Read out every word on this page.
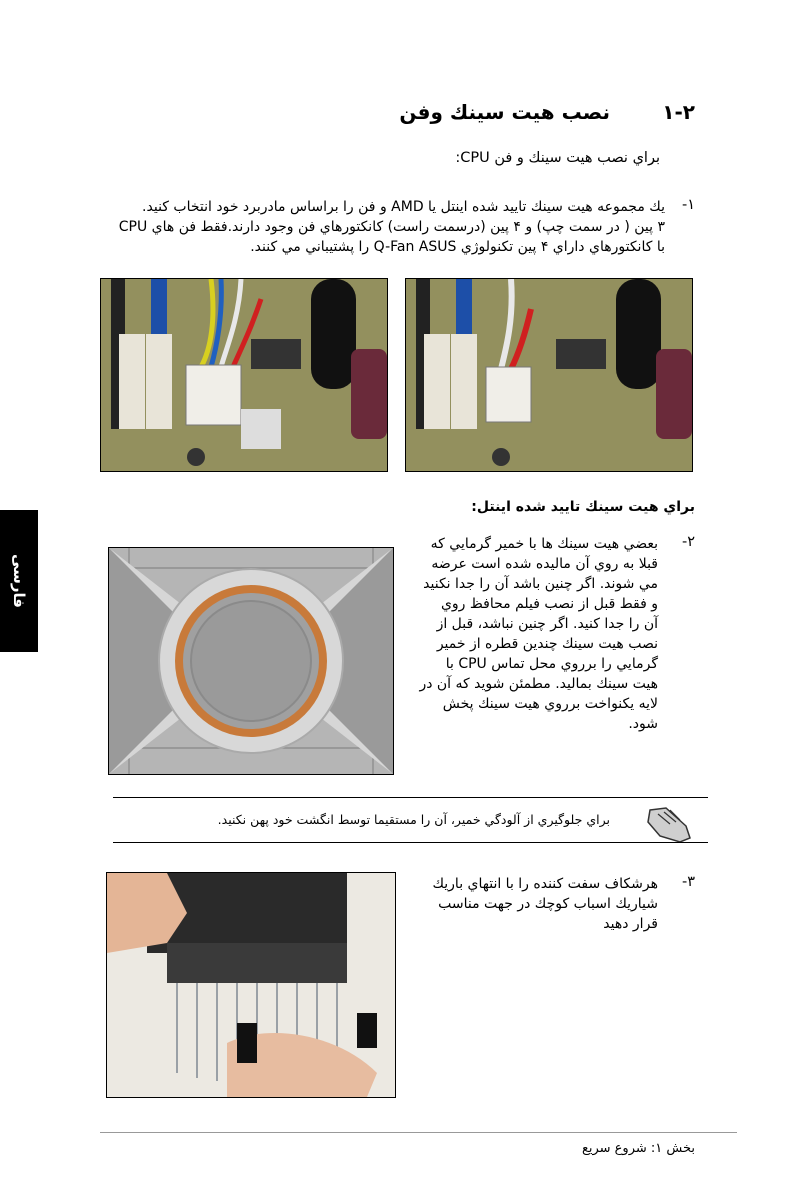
٢-١
نصب هيت سينك وفن
براي نصب هيت سينك و فن CPU:
-١
يك مجموعه هيت سينك تاييد شده اينتل يا AMD و فن را براساس مادربرد خود انتخاب كنيد.
٣ پين ( در سمت چپ) و ۴ پين (درسمت راست) كانكتورهاي فن وجود دارند.فقط فن هاي CPU
با كانكتورهاي داراي ۴ پين تكنولوژي Q-Fan ASUS را پشتيباني مي كنند.
براي هيت سينك تاييد شده اينتل:
فارسی
-٢
بعضي هيت سينك ها با خمير گرمايي كه
قبلا به روي آن ماليده شده است عرضه
مي شوند. اگر چنين باشد آن را جدا نكنيد
و فقط قبل از نصب فيلم محافظ روي
آن را جدا كنيد. اگر چنين نباشد، قبل از
نصب هيت سينك چندين قطره از خمير
گرمايي را برروي محل تماس CPU با
هيت سينك بماليد. مطمئن شويد كه آن در
لايه يكنواخت برروي هيت سينك پخش
شود.
براي جلوگيري از آلودگي خمير، آن را مستقيما توسط انگشت خود پهن نكنيد.
-٣
هرشكاف سفت كننده را با انتهاي باريك
شياريك اسباب كوچك در جهت مناسب
قرار دهيد
بخش ١: شروع سريع
